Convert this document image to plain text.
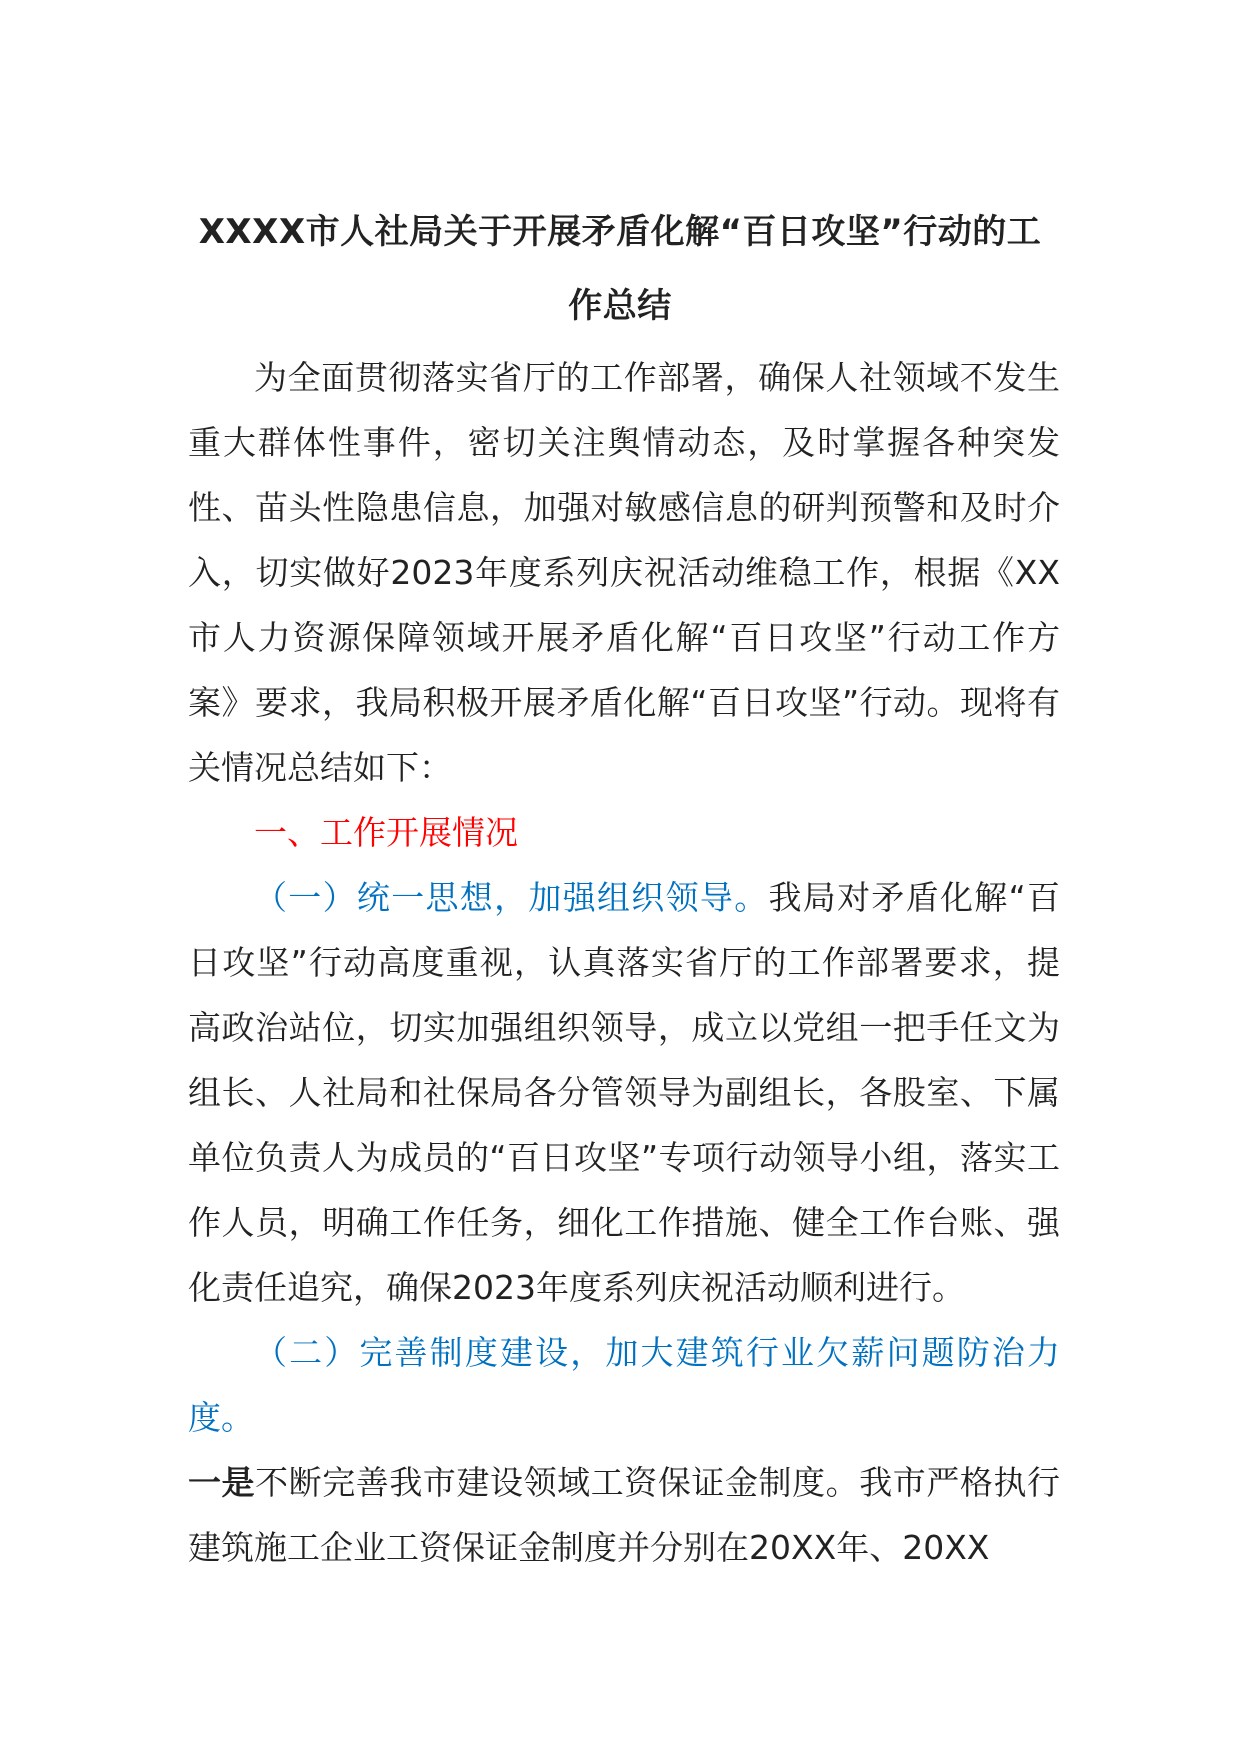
XXXX市人社局关于开展矛盾化解“百日攻坚”行动的工作总结

为全面贯彻落实省厅的工作部署，确保人社领域不发生重大群体性事件，密切关注舆情动态，及时掌握各种突发性、苗头性隐患信息，加强对敏感信息的研判预警和及时介入，切实做好2023年度系列庆祝活动维稳工作，根据《XX市人力资源保障领域开展矛盾化解“百日攻坚”行动工作方案》要求，我局积极开展矛盾化解“百日攻坚”行动。现将有关情况总结如下：

一、工作开展情况

（一）统一思想，加强组织领导。我局对矛盾化解“百日攻坚”行动高度重视，认真落实省厅的工作部署要求，提高政治站位，切实加强组织领导，成立以党组一把手任文为组长、人社局和社保局各分管领导为副组长，各股室、下属单位负责人为成员的“百日攻坚”专项行动领导小组，落实工作人员，明确工作任务，细化工作措施、健全工作台账、强化责任追究，确保2023年度系列庆祝活动顺利进行。

（二）完善制度建设，加大建筑行业欠薪问题防治力度。

一是不断完善我市建设领域工资保证金制度。我市严格执行建筑施工企业工资保证金制度并分别在20XX年、20XX
